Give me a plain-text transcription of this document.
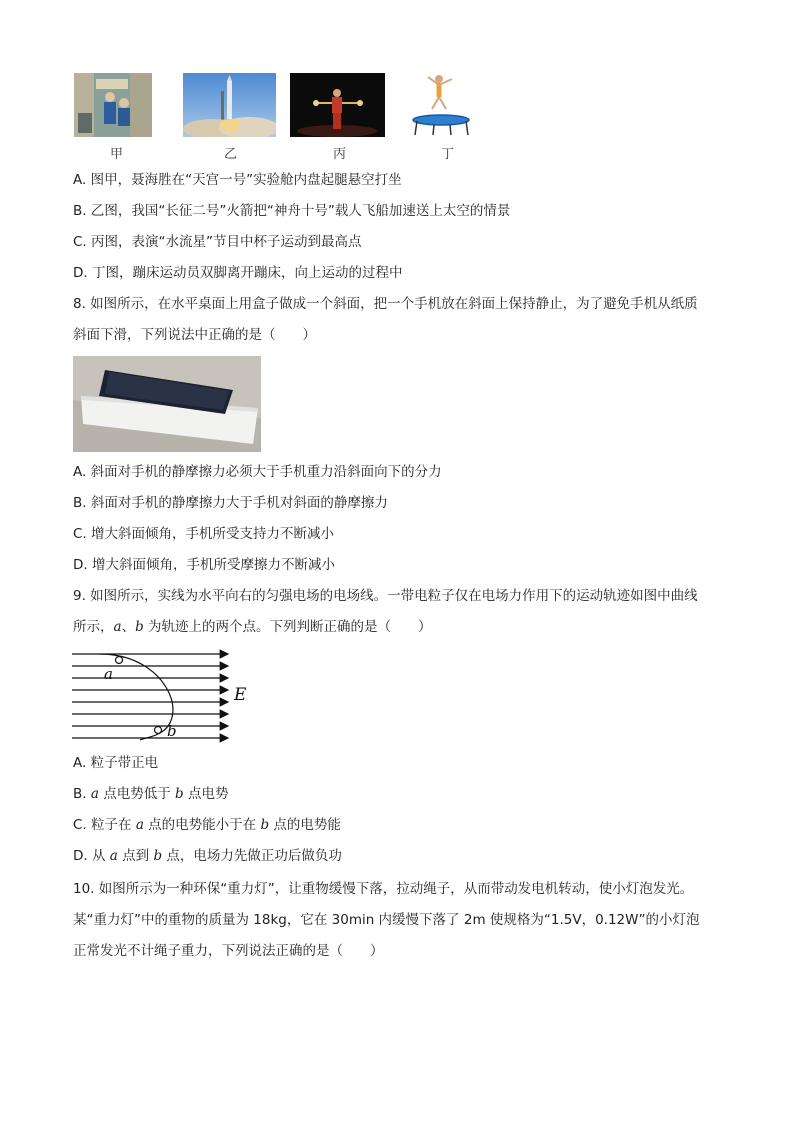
甲	乙	丙	丁
A. 图甲，聂海胜在“天宫一号”实验舱内盘起腿悬空打坐
B. 乙图，我国“长征二号”火箭把“神舟十号”载人飞船加速送上太空的情景
C. 丙图，表演“水流星”节目中杯子运动到最高点
D. 丁图，蹦床运动员双脚离开蹦床，向上运动的过程中
8. 如图所示，在水平桌面上用盒子做成一个斜面，把一个手机放在斜面上保持静止，为了避免手机从纸质
斜面下滑，下列说法中正确的是（　　）
A. 斜面对手机的静摩擦力必须大于手机重力沿斜面向下的分力
B. 斜面对手机的静摩擦力大于手机对斜面的静摩擦力
C. 增大斜面倾角，手机所受支持力不断减小
D. 增大斜面倾角，手机所受摩擦力不断减小
9. 如图所示，实线为水平向右的匀强电场的电场线。一带电粒子仅在电场力作用下的运动轨迹如图中曲线
所示，a、b 为轨迹上的两个点。下列判断正确的是（　　）
a
b
E
A. 粒子带正电
B. a 点电势低于 b 点电势
C. 粒子在 a 点的电势能小于在 b 点的电势能
D. 从 a 点到 b 点，电场力先做正功后做负功
10. 如图所示为一种环保“重力灯”，让重物缓慢下落，拉动绳子，从而带动发电机转动，使小灯泡发光。
某“重力灯”中的重物的质量为 18kg，它在 30min 内缓慢下落了 2m 使规格为“1.5V，0.12W”的小灯泡
正常发光不计绳子重力，下列说法正确的是（　　）
